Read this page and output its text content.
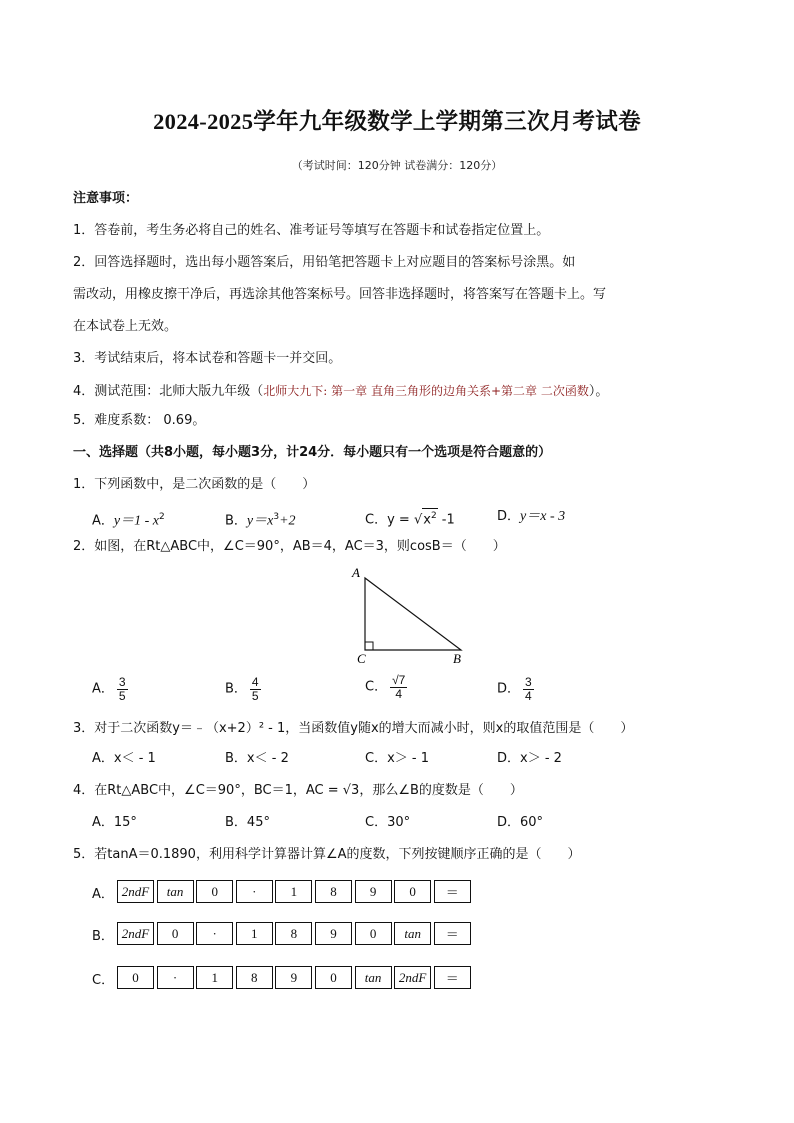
2024-2025学年九年级数学上学期第三次月考试卷
（考试时间：120分钟 试卷满分：120分）
注意事项：
1．答卷前，考生务必将自己的姓名、准考证号等填写在答题卡和试卷指定位置上。
2．回答选择题时，选出每小题答案后，用铅笔把答题卡上对应题目的答案标号涂黑。如
需改动，用橡皮擦干净后，再选涂其他答案标号。回答非选择题时，将答案写在答题卡上。写
在本试卷上无效。
3．考试结束后，将本试卷和答题卡一并交回。
4．测试范围：北师大版九年级（北师大九下: 第一章 直角三角形的边角关系+第二章 二次函数）。
5．难度系数： 0.69。
一、选择题（共8小题，每小题3分，计24分．每小题只有一个选项是符合题意的）
1．下列函数中，是二次函数的是（　　）
A．$y=1 - x^2$	B．$y=x^3+2$	C．$y = √x^2$ -1	D．y＝x - 3
2．如图，在Rt△ABC中，∠C＝90°，AB＝4，AC＝3，则cosB＝（　　）
A
C	B
A． $\frac{3}{5}$	B． $\frac{4}{5}$	C． $\frac{√7}{4}$	D． $\frac{3}{4}$
3．对于二次函数y＝﹣（x+2）² - 1，当函数值y随x的增大而减小时，则x的取值范围是（　　）
A．x＜ - 1	B．x＜ - 2	C．x＞ - 1	D．x＞ - 2
4．在Rt△ABC中，∠C＝90°，BC＝1，AC = √3，那么∠B的度数是（　　）
A．15°	B．45°	C．30°	D．60°
5．若tanA＝0.1890，利用科学计算器计算∠A的度数，下列按键顺序正确的是（　　）
A． 2ndF	tan	0	·	1	8	9	0	＝
B． 2ndF	0	·	1	8	9	0	tan	＝
C．	0	·	1	8	9	0	tan	2ndF	＝
